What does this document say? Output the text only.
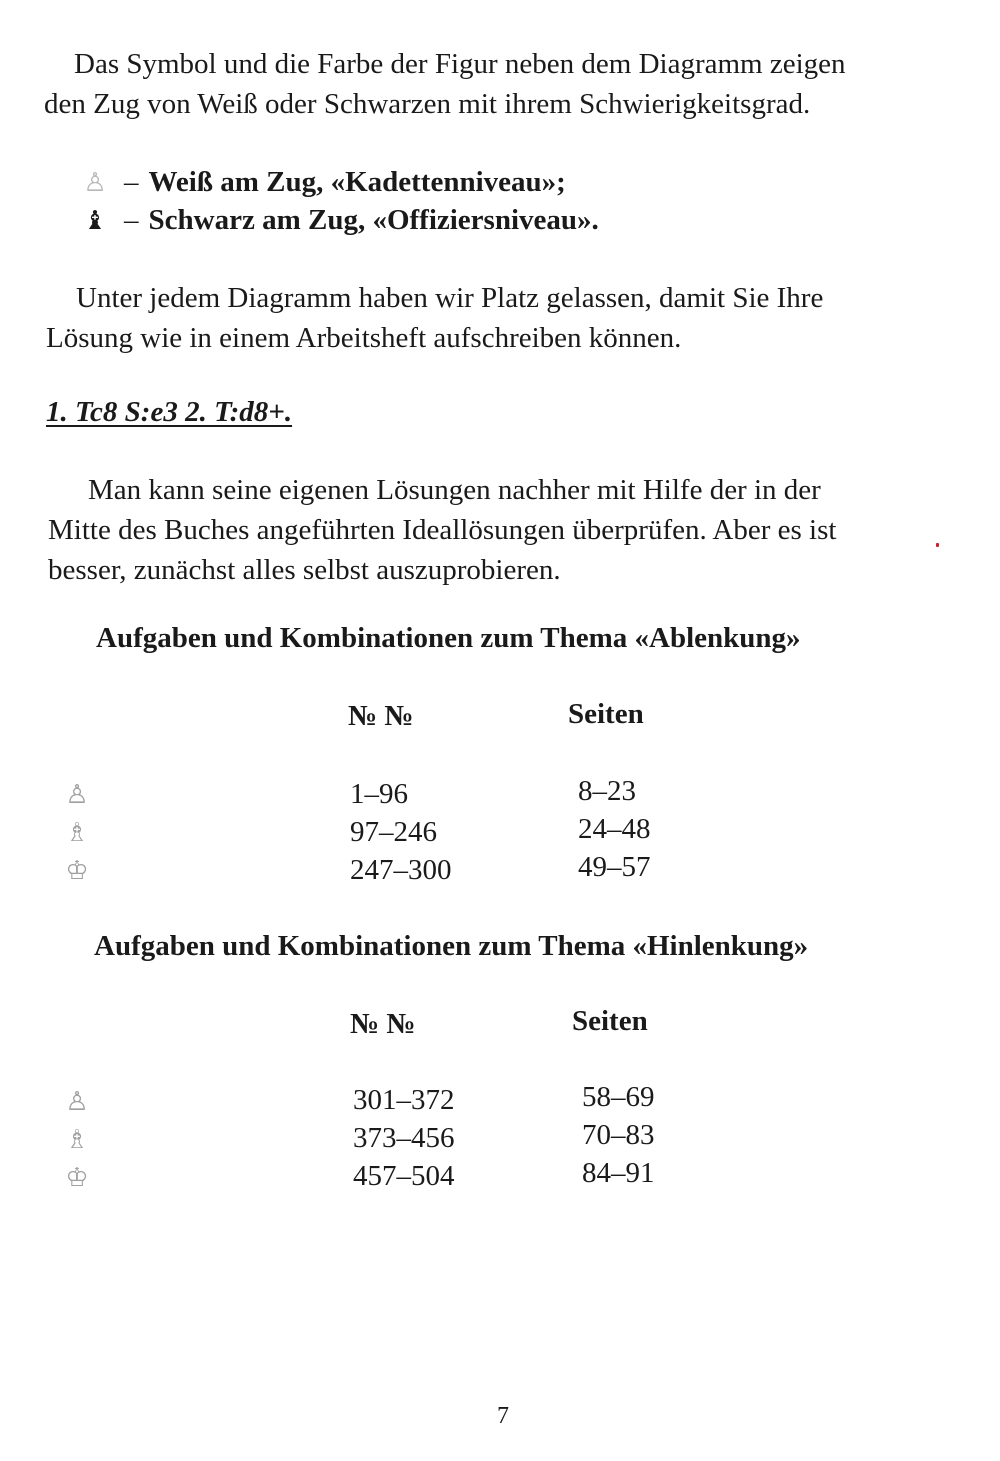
Das Symbol und die Farbe der Figur neben dem Diagramm zeigen
den Zug von Weiß oder Schwarzen mit ihrem Schwierigkeitsgrad.
♙ – Weiß am Zug, «Kadettenniveau»;
♝ – Schwarz am Zug, «Offiziersniveau».
Unter jedem Diagramm haben wir Platz gelassen, damit Sie Ihre
Lösung wie in einem Arbeitsheft aufschreiben können.
1. Tc8 S:e3 2. T:d8+.
Man kann seine eigenen Lösungen nachher mit Hilfe der in der
Mitte des Buches angeführten Ideallösungen überprüfen. Aber es ist
besser, zunächst alles selbst auszuprobieren.
Aufgaben und Kombinationen zum Thema «Ablenkung»
№ №	Seiten
♙	1–96	8–23
♗	97–246	24–48
♔	247–300	49–57
Aufgaben und Kombinationen zum Thema «Hinlenkung»
№ №	Seiten
♙	301–372	58–69
♗	373–456	70–83
♔	457–504	84–91
7
